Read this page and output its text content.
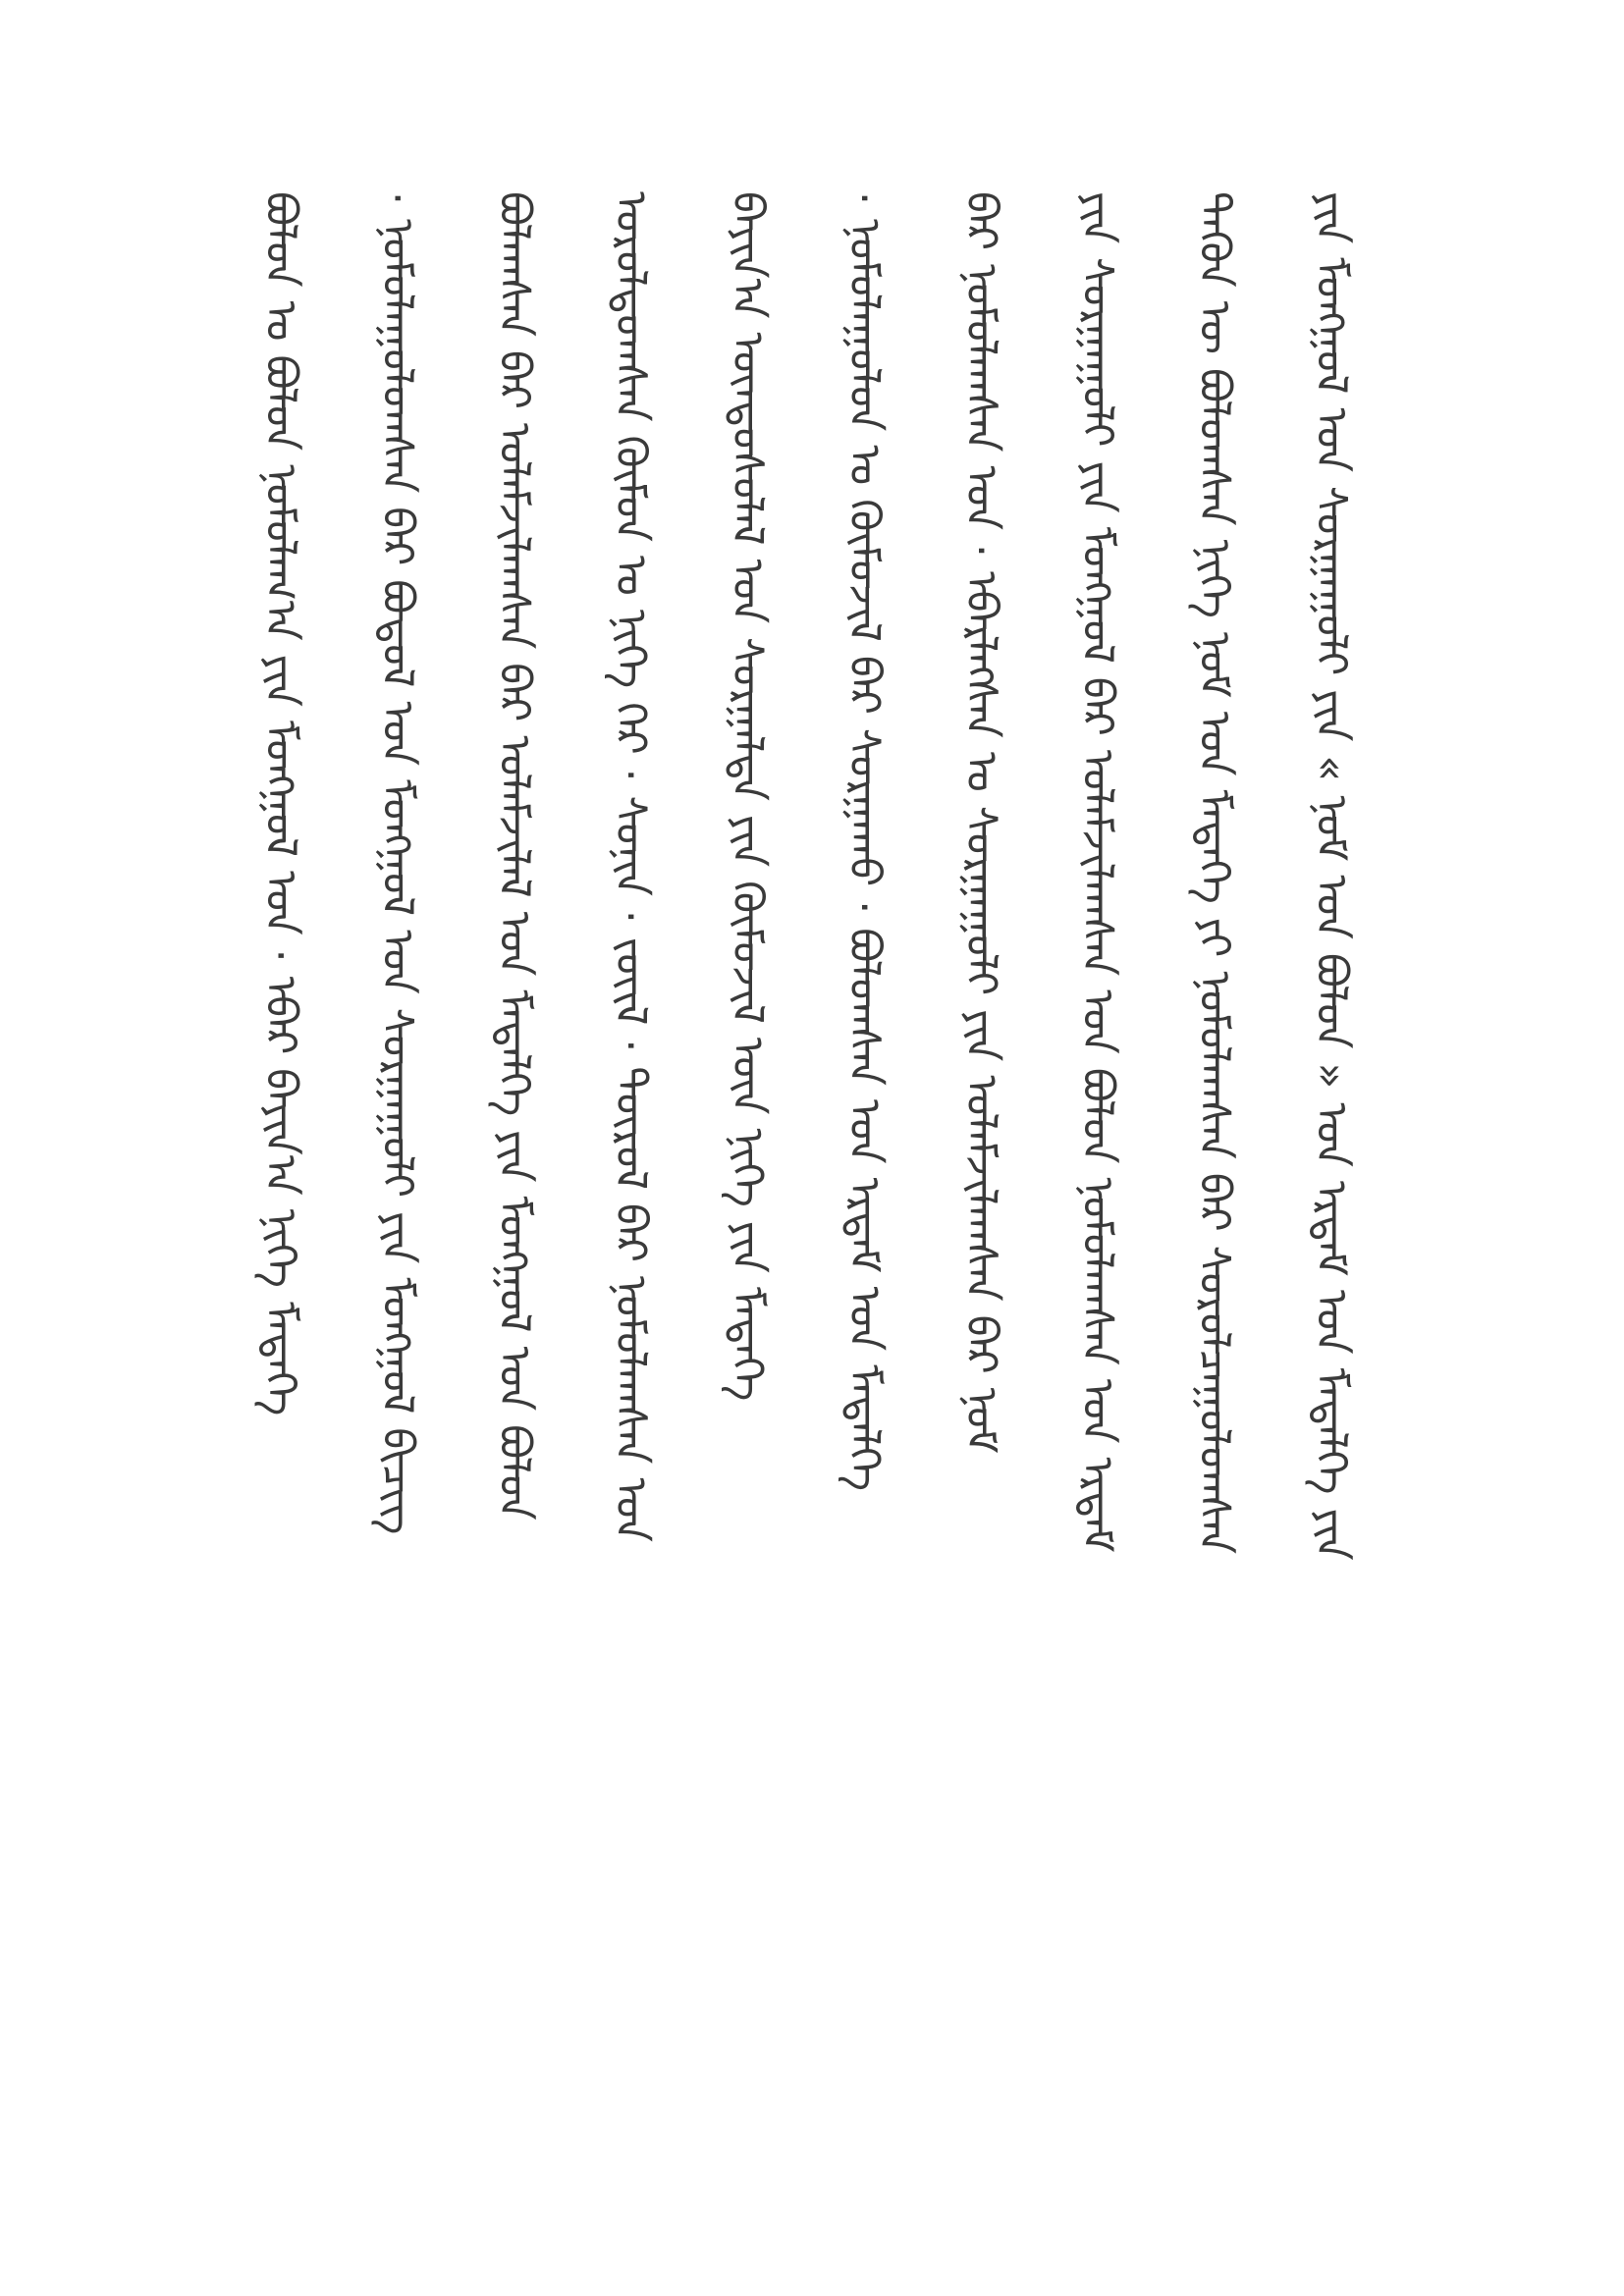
ᠪᠣᠯᠤᠨ ᠤ ᠪᠣᠯᠣᠨ ᠨᠣᠮᠣᠯᠠᠭ᠎ᠠ ᠶᠢᠨ ᠮᠣᠩᠭᠣᠯ ᠤᠨ · ᠡᠪᠡᠷ ᠪᠠᠶᠢᠨ᠎ᠠ ᠨᠢᠭᠡ ᠮᠡᠳᠡᠭᠡ · ᠨᠣᠮᠣᠯᠠᠭᠤᠯᠤᠭᠰᠠᠨ ᠪᠠᠷ ᠪᠣᠳᠤᠯ ᠤᠨ ᠮᠣᠩᠭᠣᠯ ᠤᠨ ᠰᠤᠷᠭᠠᠭᠤᠯᠢ ᠶᠢᠨ ᠮᠣᠩᠭᠣᠯ ᠪᠢᠴᠢᠭ ᠪᠣᠯᠠᠭᠰᠠᠨ ᠪᠠᠷ ᠤᠯᠠᠮᠵᠢᠯᠠᠭᠰᠠᠨ ᠪᠠᠷ ᠤᠯᠠᠮᠵᠢᠯᠠᠯ ᠤᠨ ᠮᠡᠳᠡᠯᠭᠡ ᠶᠢᠨ ᠮᠣᠩᠭᠣᠯ ᠤᠨ ᠪᠣᠯᠣᠨ ᠤᠷᠤᠯᠳᠤᠭᠰᠠᠨ ᠬᠦᠮᠦᠨ ᠤ ᠨᠢᠭᠡ ᠭᠡᠷ · ᠰᠣᠨᠢᠨ · ᠵᠦᠢᠯ · ᠲᠦᠷᠦᠯ ᠪᠠᠷ ᠨᠣᠮᠣᠯᠠᠭᠰᠠᠨ ᠤᠨ ᠪᠠᠶᠢᠨ᠎ᠠ ᠦᠨᠳᠦᠰᠦᠯᠡᠯ ᠤᠨ ᠰᠤᠷᠭᠠᠯᠳᠠ ᠶᠢᠨ ᠬᠦᠮᠦᠵᠢᠯ ᠦᠨ ᠨᠢᠭᠡ ᠶᠢᠨ ᠮᠡᠳᠡᠭᠡ · ᠨᠣᠮᠣᠯᠠᠭᠤᠯᠤᠨ ᠤ ᠬᠦᠮᠦᠵᠢᠯ ᠪᠠᠷ ᠰᠤᠷᠭᠠᠬᠤ · ᠪᠣᠯᠣᠭᠰᠠᠨ ᠤᠨ ᠡᠷᠳᠡᠮ ᠤᠨ ᠮᠡᠳᠡᠯᠭᠡ ᠪᠠᠷ ᠨᠣᠮᠣᠯᠠᠭᠰᠠᠨ ᠤᠨ · ᠡᠪᠡᠷᠯᠡᠭᠰᠡᠨ ᠤ ᠰᠤᠷᠭᠠᠭᠤᠯᠢ ᠶᠢᠨ ᠤᠯᠠᠮᠵᠢᠯᠠᠭᠰᠠᠨ ᠪᠠᠷ ᠨᠣᠮ ᠶᠢᠨ ᠰᠤᠷᠭᠠᠭᠤᠯᠢ ᠶᠢᠨ ᠮᠣᠩᠭᠣᠯ ᠪᠠᠷ ᠤᠯᠠᠮᠵᠢᠯᠠᠭᠰᠠᠨ ᠤᠨ ᠪᠣᠯᠣᠨ ᠨᠣᠮᠣᠯᠠᠭᠰᠠᠨ ᠤᠨ ᠡᠷᠳᠡᠮ ᠲᠡᠭᠦᠨ ᠦ ᠪᠣᠯᠣᠭᠰᠠᠨ ᠨᠢᠭᠡ ᠨᠣᠮ ᠤᠨ ᠮᠡᠳᠡᠭᠡ ᠶᠢ ᠨᠣᠮᠣᠯᠠᠭᠰᠠᠨ ᠪᠠᠷ ᠰᠤᠷᠤᠯᠴᠠᠭᠤᠯᠤᠭᠰᠠᠨ ᠶᠢᠨ ᠮᠣᠩᠭᠣᠯ ᠤᠨ ᠰᠤᠷᠭᠠᠭᠤᠯᠢ ᠶᠢᠨ « ᠨᠣᠮ ᠤᠨ ᠪᠣᠯᠣᠨ » ᠤᠨ ᠡᠷᠳᠡᠮ ᠤᠨ ᠮᠡᠳᠡᠯᠭᠡ ᠶᠢᠨ
